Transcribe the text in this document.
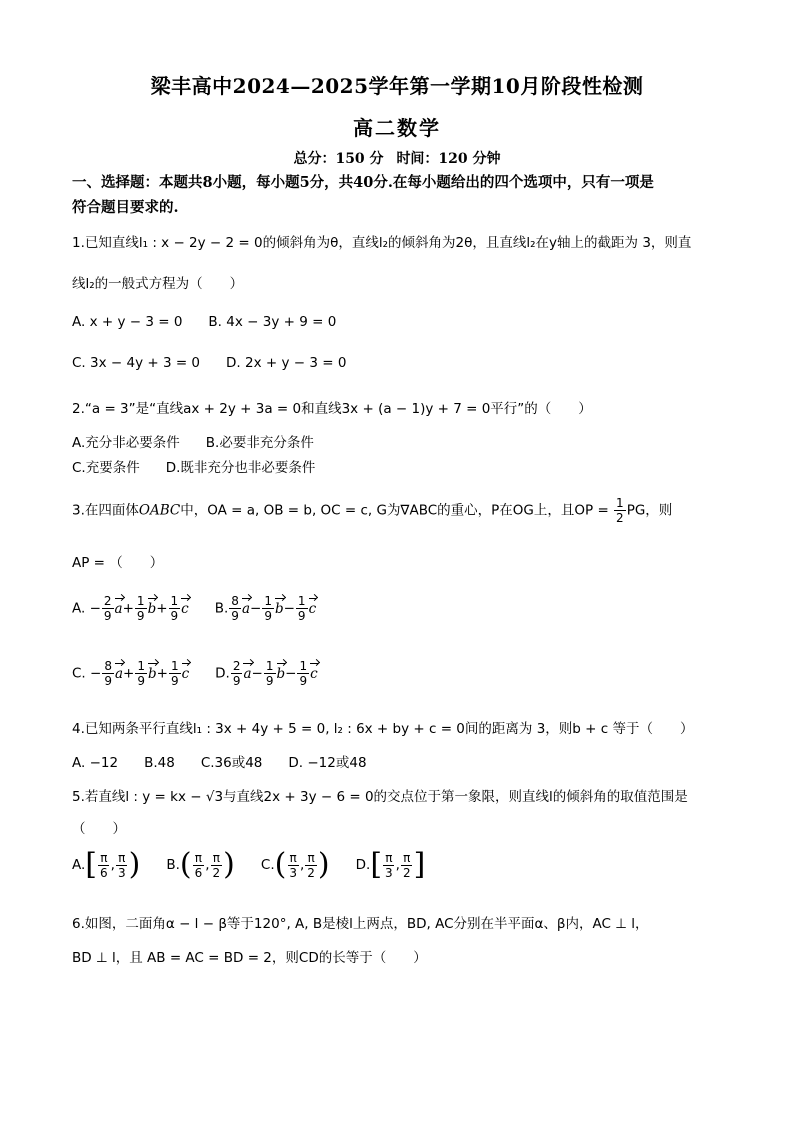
梁丰高中2024—2025学年第一学期10月阶段性检测
高二数学
总分：150 分 时间：120 分钟
一、选择题：本题共8小题，每小题5分，共40分.在每小题给出的四个选项中，只有一项是
符合题目要求的.
1.已知直线l₁ : x − 2y − 2 = 0的倾斜角为θ，直线l₂的倾斜角为2θ，且直线l₂在y轴上的截距为 3，则直
线l₂的一般式方程为（　　）
A. x + y − 3 = 0 B. 4x − 3y + 9 = 0
C. 3x − 4y + 3 = 0 D. 2x + y − 3 = 0
2.“a = 3”是“直线ax + 2y + 3a = 0和直线3x + (a − 1)y + 7 = 0平行”的（　　）
A.充分非必要条件 B.必要非充分条件
C.充要条件 D.既非充分也非必要条件
3.在四面体OABC中，OA = a, OB = b, OC = c, G为∇ABC的重心，P在OG上，且OP = $\frac{1}{2}$ PG，则
AP = （　　）
A. − $\frac{2}{9} a+ \frac{1}{9} b+ \frac{1}{9}$ c B. $\frac{8}{9} a- \frac{1}{9} b- \frac{1}{9}$ c
C. − $\frac{8}{9} a+ \frac{1}{9} b+ \frac{1}{9}$ c D. $\frac{2}{9} a- \frac{1}{9} b- \frac{1}{9}$ c
4.已知两条平行直线l₁ : 3x + 4y + 5 = 0, l₂ : 6x + by + c = 0间的距离为 3，则b + c 等于（　　）
A. −12 B.48 C.36或48 D. −12或48
5.若直线l : y = kx − √3与直线2x + 3y − 6 = 0的交点位于第一象限，则直线l的倾斜角的取值范围是
（　　）
$A.[ \frac{\pi}{6}$ , $\frac{\pi}{3}$ ) $B.( \frac{\pi}{6}$ , $\frac{\pi}{2}$ ) $C.( \frac{\pi}{3}$ , $\frac{\pi}{2}$ ) $D.[ \frac{\pi}{3}$ , $\frac{\pi}{2}$ ]
6.如图，二面角α − l − β等于120°, A, B是棱l上两点，BD, AC分别在半平面α、β内，AC ⊥ l，
BD ⊥ l，且 AB = AC = BD = 2，则CD的长等于（　　）
